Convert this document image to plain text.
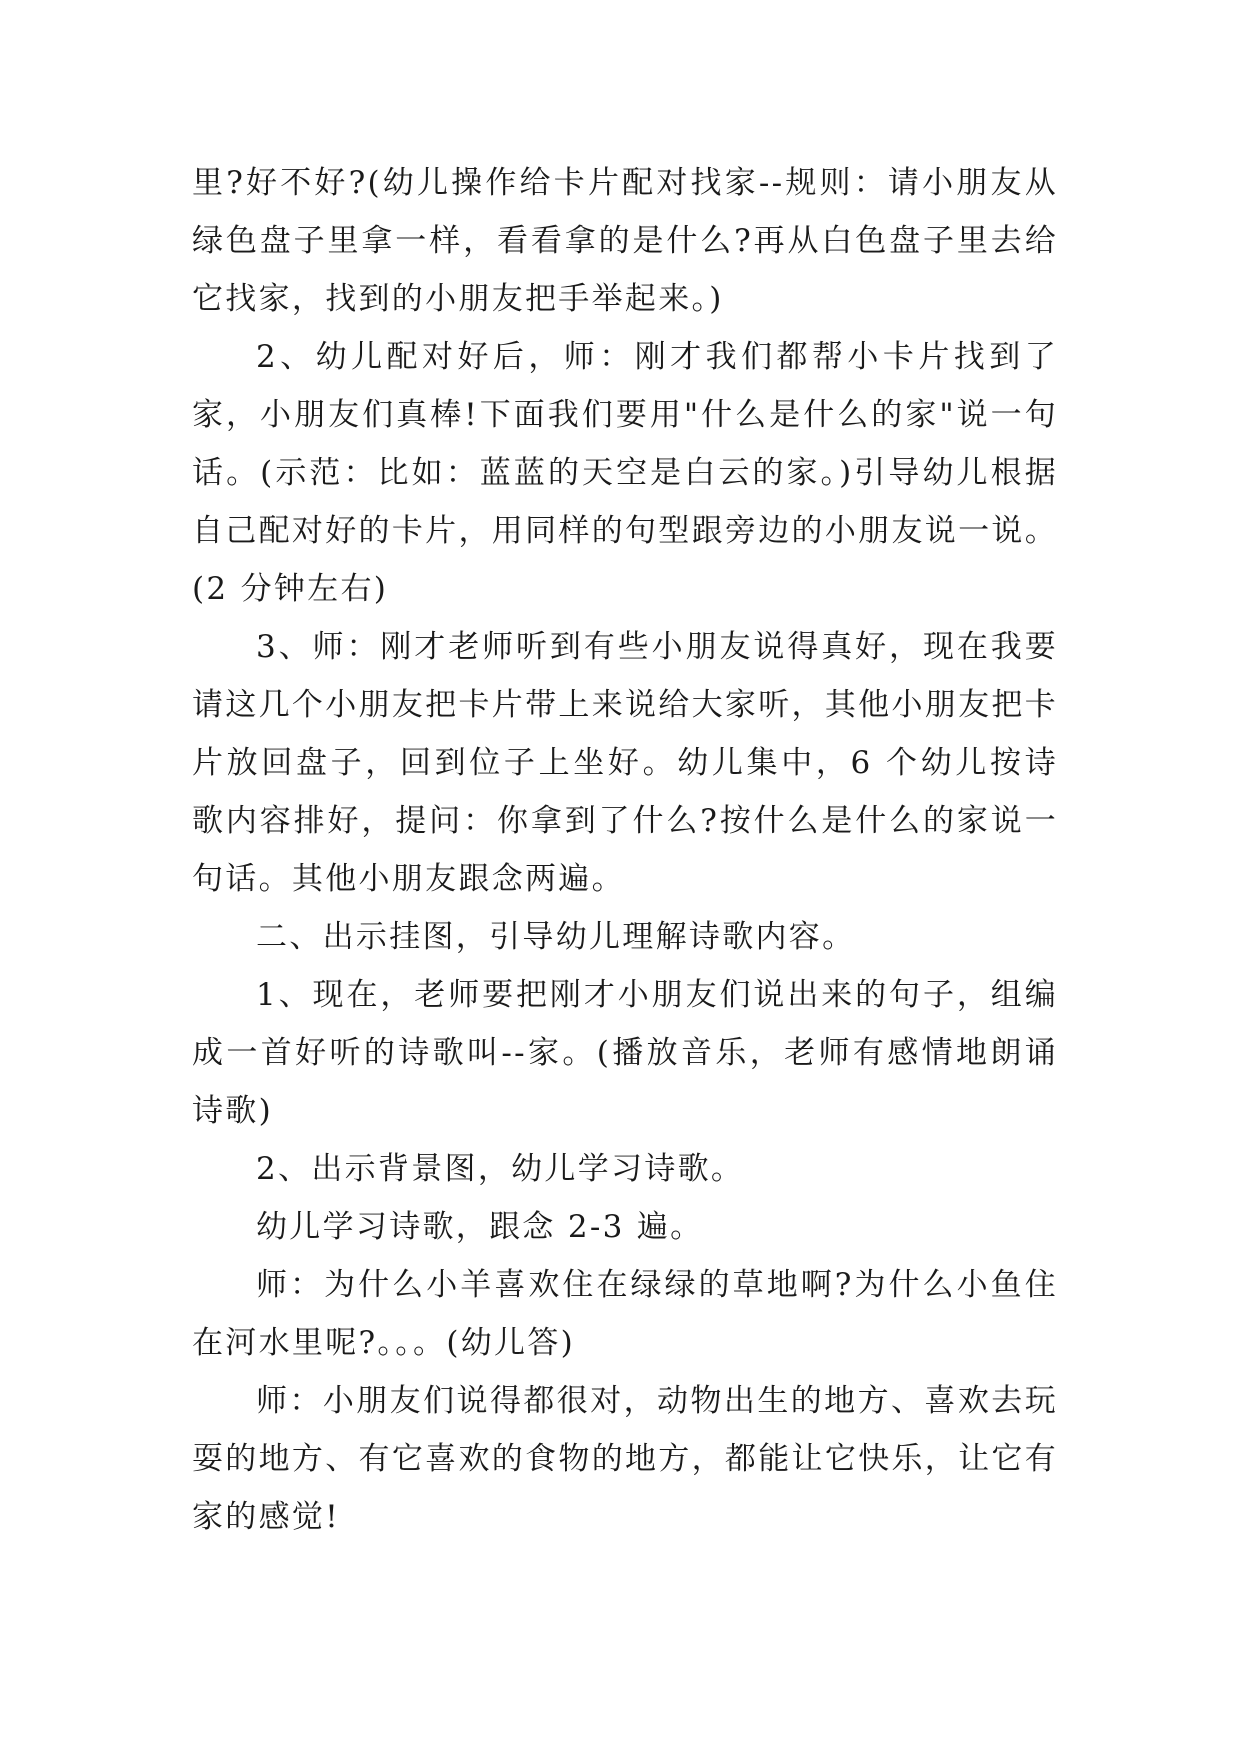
里?好不好?(幼儿操作给卡片配对找家--规则：请小朋友从绿色盘子里拿一样，看看拿的是什么?再从白色盘子里去给它找家，找到的小朋友把手举起来。)

2、幼儿配对好后，师：刚才我们都帮小卡片找到了家，小朋友们真棒!下面我们要用"什么是什么的家"说一句话。(示范：比如：蓝蓝的天空是白云的家。)引导幼儿根据自己配对好的卡片，用同样的句型跟旁边的小朋友说一说。(2 分钟左右)

3、师：刚才老师听到有些小朋友说得真好，现在我要请这几个小朋友把卡片带上来说给大家听，其他小朋友把卡片放回盘子，回到位子上坐好。幼儿集中，6 个幼儿按诗歌内容排好，提问：你拿到了什么?按什么是什么的家说一句话。其他小朋友跟念两遍。

二、出示挂图，引导幼儿理解诗歌内容。

1、现在，老师要把刚才小朋友们说出来的句子，组编成一首好听的诗歌叫--家。(播放音乐，老师有感情地朗诵诗歌)

2、出示背景图，幼儿学习诗歌。

幼儿学习诗歌，跟念 2-3 遍。

师：为什么小羊喜欢住在绿绿的草地啊?为什么小鱼住在河水里呢?。。。(幼儿答)

师：小朋友们说得都很对，动物出生的地方、喜欢去玩耍的地方、有它喜欢的食物的地方，都能让它快乐，让它有家的感觉!
